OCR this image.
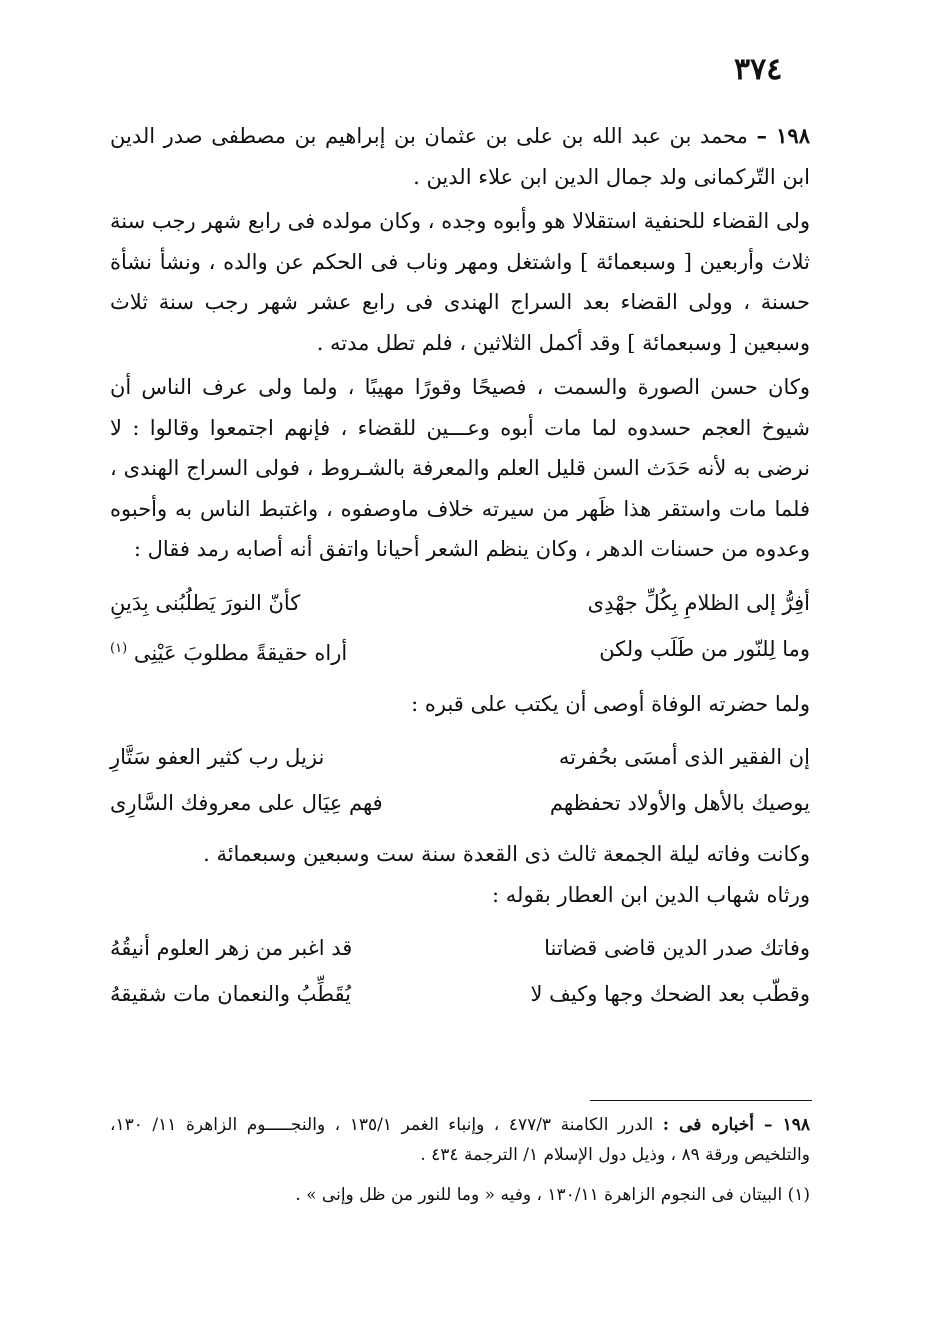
٣٧٤

١٩٨ – محمد بن عبد الله بن على بن عثمان بن إبراهيم بن مصطفى صدر الدين ابن التّركمانى ولد جمال الدين ابن علاء الدين .

ولى القضاء للحنفية استقلالا هو وأبوه وجده ، وكان مولده فى رابع شهر رجب سنة ثلاث وأربعين [ وسبعمائة ] واشتغل ومهر وناب فى الحكم عن والده ، ونشأ نشأة حسنة ، وولى القضاء بعد السراج الهندى فى رابع عشر شهر رجب سنة ثلاث وسبعين [ وسبعمائة ] وقد أكمل الثلاثين ، فلم تطل مدته .

وكان حسن الصورة والسمت ، فصيحًا وقورًا مهيبًا ، ولما ولى عرف الناس أن شيوخ العجم حسدوه لما مات أبوه وعـــين للقضاء ، فإنهم اجتمعوا وقالوا : لا نرضى به لأنه حَدَث السن قليل العلم والمعرفة بالشـروط ، فولى السراج الهندى ، فلما مات واستقر هذا ظَهر من سيرته خلاف ماوصفوه ، واغتبط الناس به وأحبوه وعدوه من حسنات الدهر ، وكان ينظم الشعر أحيانا واتفق أنه أصابه رمد فقال :

أفِرُّ إلى الظلامِ بِكُلِّ جهْدِى
كأنّ النورَ يَطلُبُنى بِدَينِ
وما لِلنّور من طَلَب ولكن
أراه حقيقةً مطلوبَ عَيْنِى $^{(١)}$

ولما حضرته الوفاة أوصى أن يكتب على قبره :

إن الفقير الذى أمسَى بحُفرته
نزيل رب كثير العفو سَتَّارِ
يوصيك بالأهل والأولاد تحفظهم
فهم عِيَال على معروفك السَّارِى

وكانت وفاته ليلة الجمعة ثالث ذى القعدة سنة ست وسبعين وسبعمائة .

ورثاه شهاب الدين ابن العطار بقوله :

وفاتك صدر الدين قاضى قضاتنا
قد اغبر من زهر العلوم أنيقُهُ
وقطّب بعد الضحك وجها وكيف لا
يُقَطِّبُ والنعمان مات شقيقهُ

١٩٨ – أخباره فى : الدرر الكامنة ٤٧٧/٣ ، وإنباء الغمر ١٣٥/١ ، والنجـــــوم الزاهرة ١١/ ١٣٠، والتلخيص ورقة ٨٩ ، وذيل دول الإسلام ١/ الترجمة ٤٣٤ .

(١) البيتان فى النجوم الزاهرة ١٣٠/١١ ، وفيه « وما للنور من ظل وإنى » .
